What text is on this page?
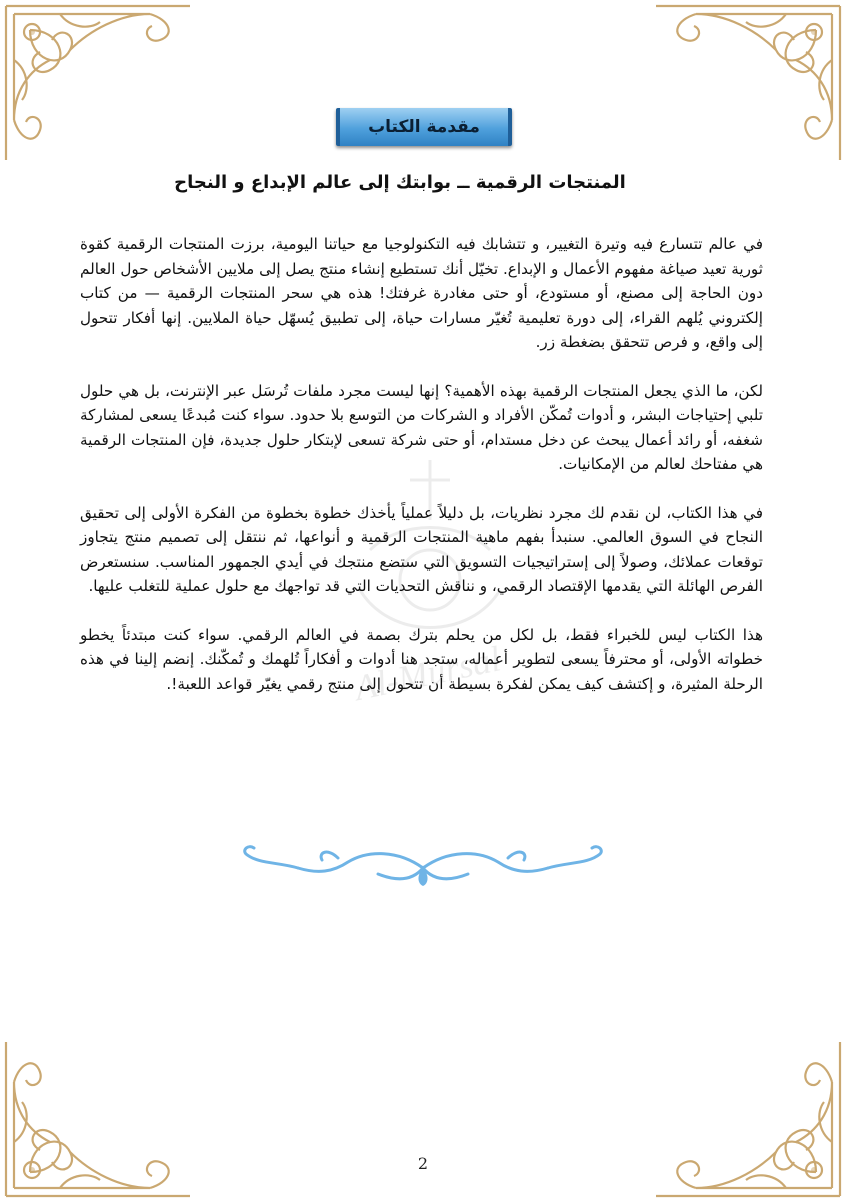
Al-Mursal
مقدمة الكتاب
المنتجات الرقمية ــ بوابتك إلى عالم الإبداع و النجاح

في عالم تتسارع فيه وتيرة التغيير، و تتشابك فيه التكنولوجيا مع حياتنا اليومية، برزت المنتجات الرقمية كقوة ثورية تعيد صياغة مفهوم الأعمال و الإبداع. تخيّل أنك تستطيع إنشاء منتج يصل إلى ملايين الأشخاص حول العالم دون الحاجة إلى مصنع، أو مستودع، أو حتى مغادرة غرفتك! هذه هي سحر المنتجات الرقمية — من كتاب إلكتروني يُلهم القراء، إلى دورة تعليمية تُغيّر مسارات حياة، إلى تطبيق يُسهّل حياة الملايين. إنها أفكار تتحول إلى واقع، و فرص تتحقق بضغطة زر.

لكن، ما الذي يجعل المنتجات الرقمية بهذه الأهمية؟ إنها ليست مجرد ملفات تُرسَل عبر الإنترنت، بل هي حلول تلبي إحتياجات البشر، و أدوات تُمكّن الأفراد و الشركات من التوسع بلا حدود. سواء كنت مُبدعًا يسعى لمشاركة شغفه، أو رائد أعمال يبحث عن دخل مستدام، أو حتى شركة تسعى لإبتكار حلول جديدة، فإن المنتجات الرقمية هي مفتاحك لعالم من الإمكانيات.

في هذا الكتاب، لن نقدم لك مجرد نظريات، بل دليلاً عملياً يأخذك خطوة بخطوة من الفكرة الأولى إلى تحقيق النجاح في السوق العالمي. سنبدأ بفهم ماهية المنتجات الرقمية و أنواعها، ثم ننتقل إلى تصميم منتج يتجاوز توقعات عملائك، وصولاً إلى إستراتيجيات التسويق التي ستضع منتجك في أيدي الجمهور المناسب. سنستعرض الفرص الهائلة التي يقدمها الإقتصاد الرقمي، و نناقش التحديات التي قد تواجهك مع حلول عملية للتغلب عليها.

هذا الكتاب ليس للخبراء فقط، بل لكل من يحلم بترك بصمة في العالم الرقمي. سواء كنت مبتدئاً يخطو خطواته الأولى، أو محترفاً يسعى لتطوير أعماله، ستجد هنا أدوات و أفكاراً تُلهمك و تُمكّنك. إنضم إلينا في هذه الرحلة المثيرة، و إكتشف كيف يمكن لفكرة بسيطة أن تتحول إلى منتج رقمي يغيّر قواعد اللعبة!.

2
